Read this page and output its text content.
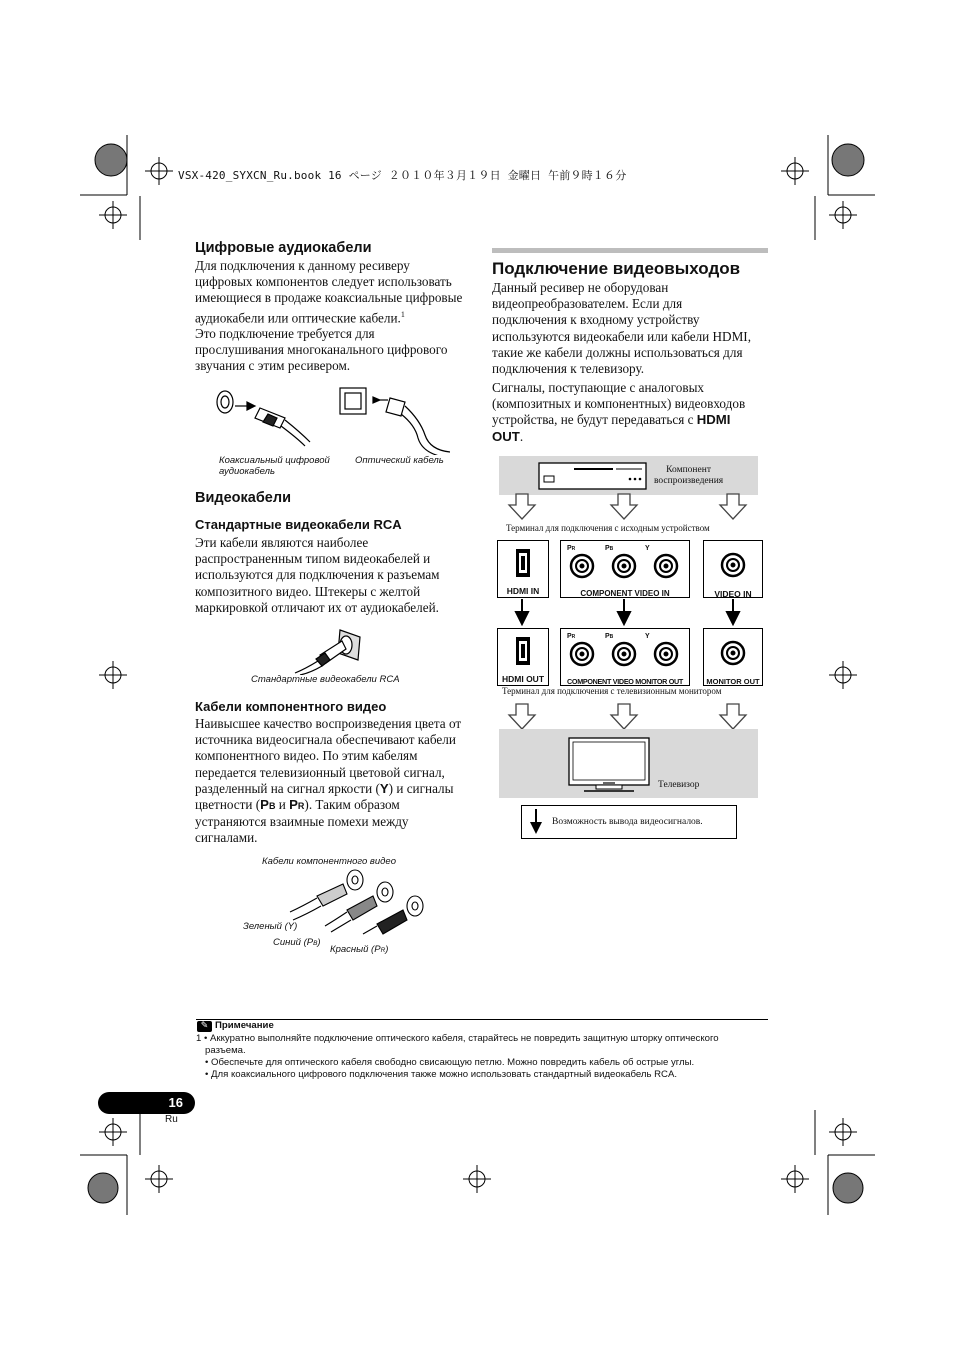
VSX-420_SYXCN_Ru.book 16 ページ ２０１０年３月１９日 金曜日 午前９時１６分
Цифровые аудиокабели
Для подключения к данному ресиверу
цифровых компонентов следует использовать
имеющиеся в продаже коаксиальные цифровые
аудиокабели или оптические кабели.$^1$
Это подключение требуется для
прослушивания многоканального цифрового
звучания с этим ресивером.
Коаксиальный цифровой
аудиокабель
Оптический кабель
Видеокабели
Стандартные видеокабели RCA
Эти кабели являются наиболее
распространенным типом видеокабелей и
используются для подключения к разъемам
композитного видео. Штекеры с желтой
маркировкой отличают их от аудиокабелей.
Стандартные видеокабели RCA
Кабели компонентного видео
Наивысшее качество воспроизведения цвета от
источника видеосигнала обеспечивают кабели
компонентного видео. По этим кабелям
передается телевизионный цветовой сигнал,
разделенный на сигнал яркости (Y) и сигналы
цветности (PB и PR). Таким образом
устраняются взаимные помехи между
сигналами.
Кабели компонентного видео
Зеленый (Y)
Синий (PB)
Красный (PR)
Подключение видеовыходов
Данный ресивер не оборудован
видеопреобразователем. Если для
подключения к входному устройству
используются видеокабели или кабели HDMI,
такие же кабели должны использоваться для
подключения к телевизору.
Сигналы, поступающие с аналоговых
(композитных и компонентных) видеовходов
устройства, не будут передаваться с HDMI
OUT.
Компонент
воспроизведения
Терминал для подключения с исходным устройством
HDMI IN
PR	PB	Y
COMPONENT VIDEO IN	VIDEO IN
HDMI OUT
PR	PB	Y
COMPONENT VIDEO MONITOR OUT	MONITOR OUT
Терминал для подключения с телевизионным монитором
Телевизор
Возможность вывода видеосигналов.
✎ Примечание
1 • Аккуратно выполняйте подключение оптического кабеля, старайтесь не повредить защитную шторку оптического
разъема.
• Обеспечьте для оптического кабеля свободно свисающую петлю. Можно повредить кабель об острые углы.
• Для коаксиального цифрового подключения также можно использовать стандартный видеокабель RCA.
16
Ru
